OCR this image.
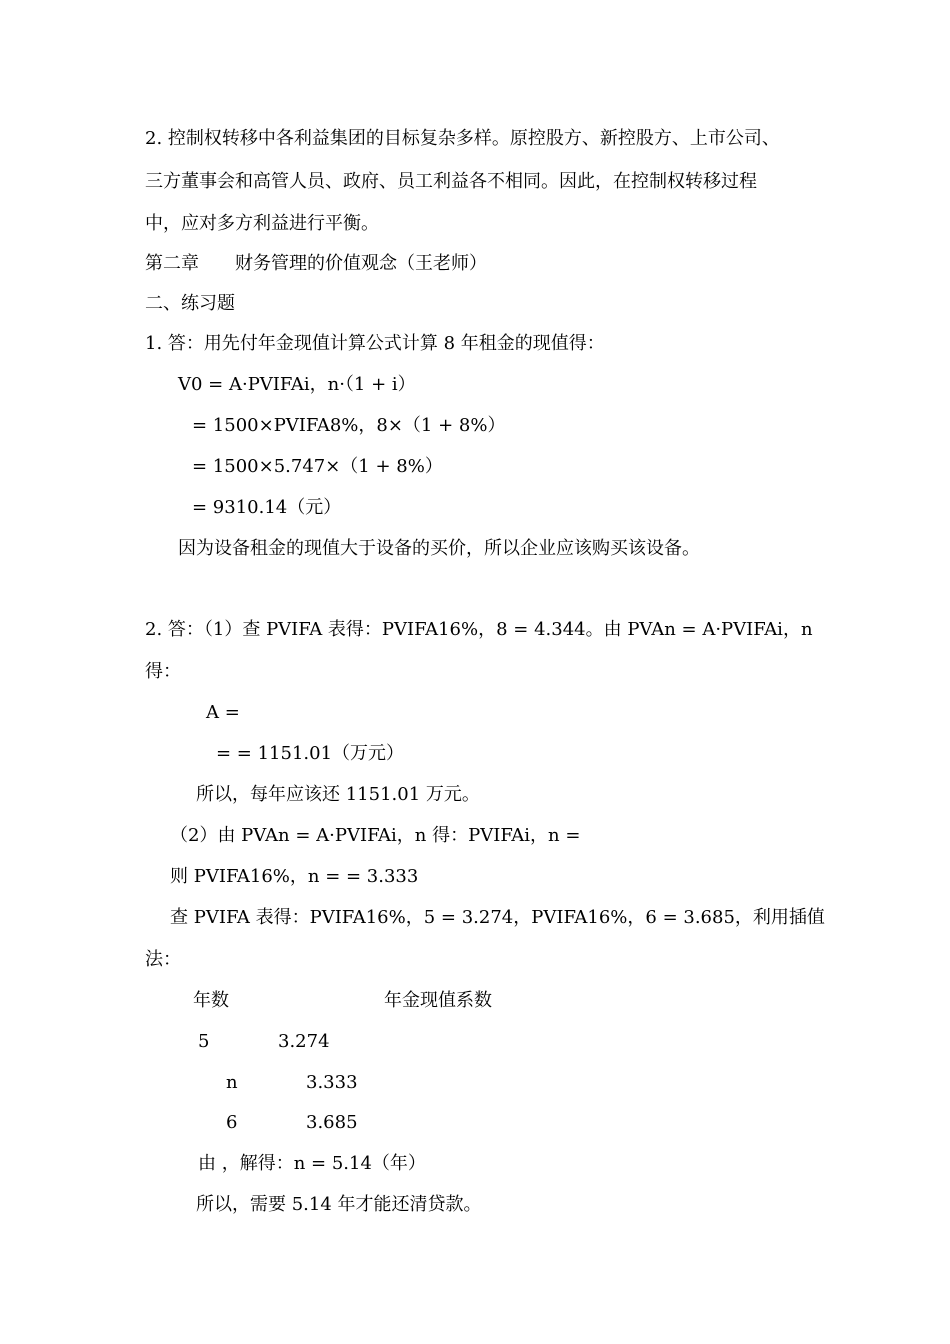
2. 控制权转移中各利益集团的目标复杂多样。原控股方、新控股方、上市公司、
三方董事会和高管人员、政府、员工利益各不相同。因此，在控制权转移过程
中，应对多方利益进行平衡。
第二章　　财务管理的价值观念（王老师）
二、练习题
1. 答：用先付年金现值计算公式计算 8 年租金的现值得：
V0 = A·PVIFAi，n·（1 + i）
= 1500×PVIFA8%，8×（1 + 8%）
= 1500×5.747×（1 + 8%）
= 9310.14（元）
因为设备租金的现值大于设备的买价，所以企业应该购买该设备。
2. 答：（1）查 PVIFA 表得：PVIFA16%，8 = 4.344。由 PVAn = A·PVIFAi，n
得：
A =
= = 1151.01（万元）
所以，每年应该还 1151.01 万元。
（2）由 PVAn = A·PVIFAi，n 得：PVIFAi，n =
则 PVIFA16%，n = = 3.333
查 PVIFA 表得：PVIFA16%，5 = 3.274，PVIFA16%，6 = 3.685，利用插值
法：
年数	年金现值系数
5	3.274
n	3.333
6	3.685
由 ，解得：n = 5.14（年）
所以，需要 5.14 年才能还清贷款。
